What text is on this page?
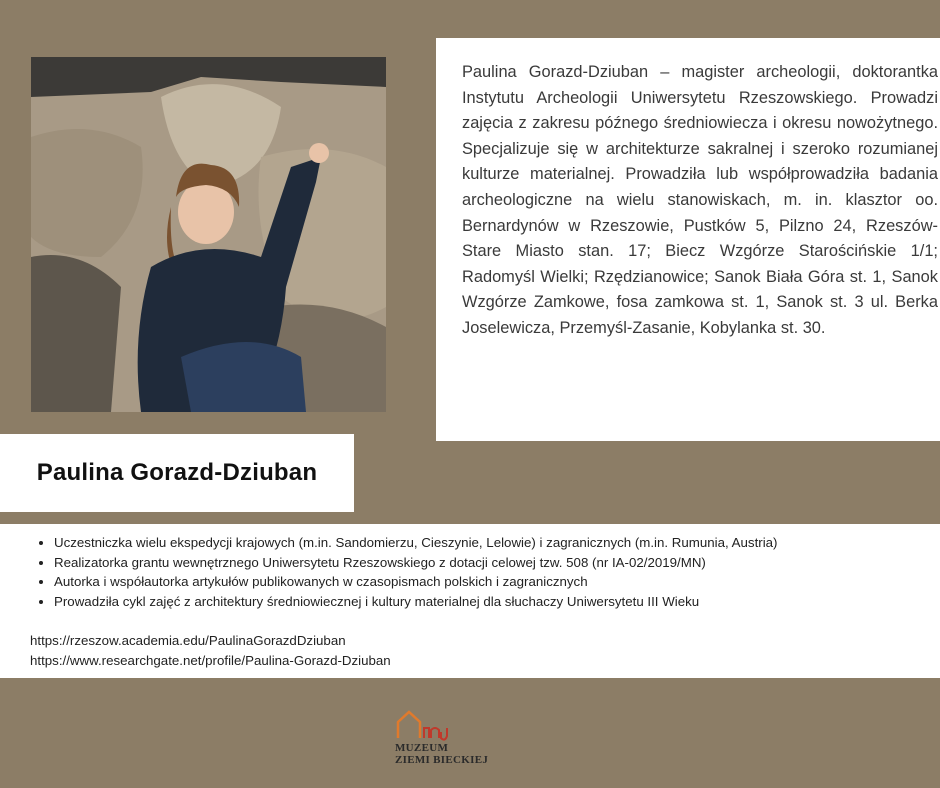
Paulina Gorazd-Dziuban – magister archeologii, doktorantka Instytutu Archeologii Uniwersytetu Rzeszowskiego. Prowadzi zajęcia z zakresu późnego średniowiecza i okresu nowożytnego. Specjalizuje się w architekturze sakralnej i szeroko rozumianej kulturze materialnej. Prowadziła lub współprowadziła badania archeologiczne na wielu stanowiskach, m. in. klasztor oo. Bernardynów w Rzeszowie, Pustków 5, Pilzno 24, Rzeszów-Stare Miasto stan. 17; Biecz Wzgórze Starościńskie 1/1; Radomyśl Wielki; Rzędzianowice; Sanok Biała Góra st. 1, Sanok Wzgórze Zamkowe, fosa zamkowa st. 1, Sanok st. 3 ul. Berka Joselewicza, Przemyśl-Zasanie, Kobylanka st. 30.

Paulina Gorazd-Dziuban
• Uczestniczka wielu ekspedycji krajowych (m.in. Sandomierzu, Cieszynie, Lelowie) i zagranicznych (m.in. Rumunia, Austria)
• Realizatorka grantu wewnętrznego Uniwersytetu Rzeszowskiego z dotacji celowej tzw. 508 (nr IA-02/2019/MN)
• Autorka i współautorka artykułów publikowanych w czasopismach polskich i zagranicznych
• Prowadziła cykl zajęć z architektury średniowiecznej i kultury materialnej dla słuchaczy Uniwersytetu III Wieku
https://rzeszow.academia.edu/PaulinaGorazdDziuban
https://www.researchgate.net/profile/Paulina-Gorazd-Dziuban
MUZEUM
ZIEMI BIECKIEJ
